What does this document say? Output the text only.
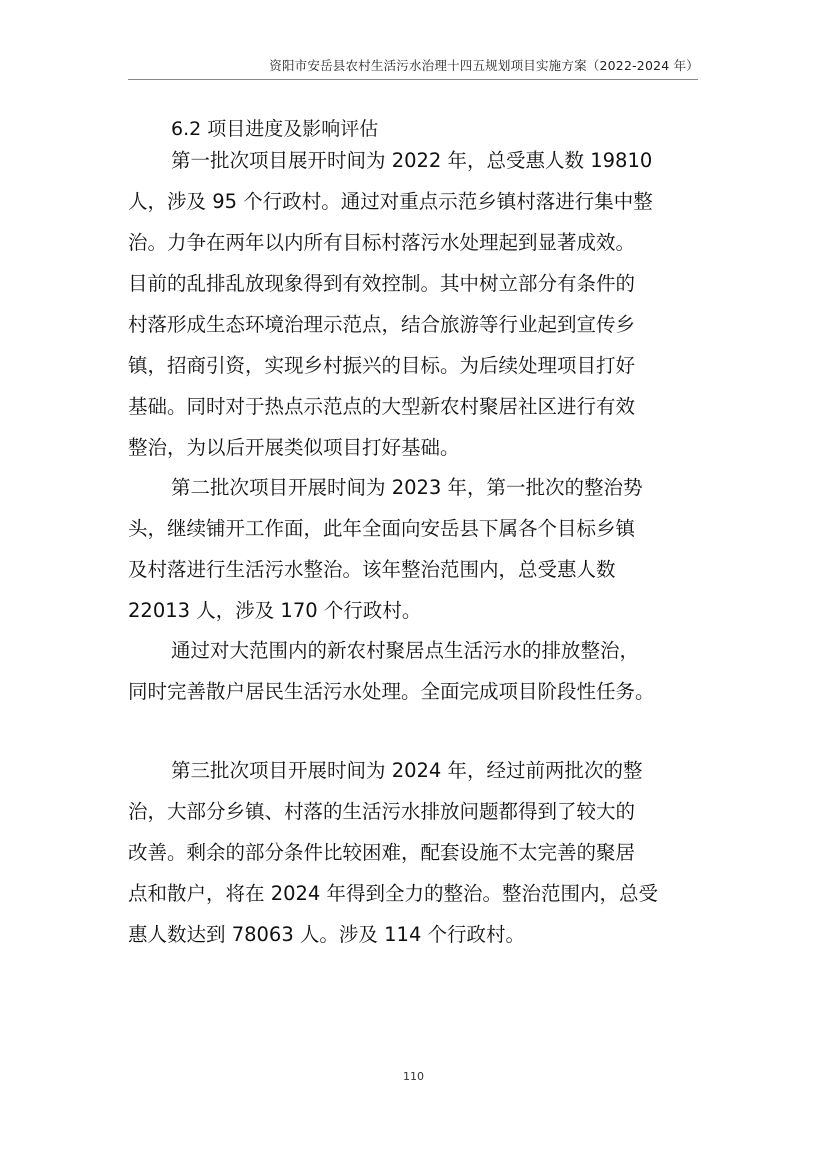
资阳市安岳县农村生活污水治理十四五规划项目实施方案（2022-2024 年）
6.2 项目进度及影响评估
第一批次项目展开时间为 2022 年，总受惠人数 19810
人，涉及 95 个行政村。通过对重点示范乡镇村落进行集中整
治。力争在两年以内所有目标村落污水处理起到显著成效。
目前的乱排乱放现象得到有效控制。其中树立部分有条件的
村落形成生态环境治理示范点，结合旅游等行业起到宣传乡
镇，招商引资，实现乡村振兴的目标。为后续处理项目打好
基础。同时对于热点示范点的大型新农村聚居社区进行有效
整治，为以后开展类似项目打好基础。
第二批次项目开展时间为 2023 年，第一批次的整治势
头，继续铺开工作面，此年全面向安岳县下属各个目标乡镇
及村落进行生活污水整治。该年整治范围内，总受惠人数
22013 人，涉及 170 个行政村。
通过对大范围内的新农村聚居点生活污水的排放整治，
同时完善散户居民生活污水处理。全面完成项目阶段性任务。
第三批次项目开展时间为 2024 年，经过前两批次的整
治，大部分乡镇、村落的生活污水排放问题都得到了较大的
改善。剩余的部分条件比较困难，配套设施不太完善的聚居
点和散户，将在 2024 年得到全力的整治。整治范围内，总受
惠人数达到 78063 人。涉及 114 个行政村。
110
